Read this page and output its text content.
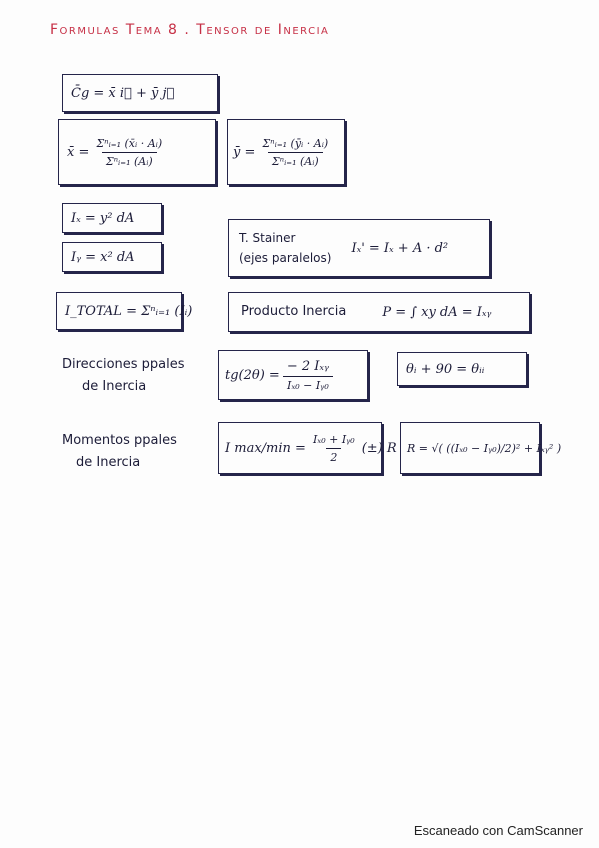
Formulas Tema 8 . Tensor de Inercia
C̄g = x̄ i⃗ + ȳ j⃗
x̄ = $\frac{\text{Σⁿᵢ₌₁ (x̄ᵢ · Aᵢ)}}{\text{Σⁿᵢ₌₁ (Aᵢ)}}$	ȳ = $\frac{\text{Σⁿᵢ₌₁ (ȳᵢ · Aᵢ)}}{\text{Σⁿᵢ₌₁ (Aᵢ)}}$
Iₓ = y² dA
Iᵧ = x² dA
T. Stainer
(ejes paralelos)
Iₓ' = Iₓ + A · d²
I_TOTAL = Σⁿᵢ₌₁ (Iᵢ)	Producto Inercia	P = ∫ xy dA = Iₓᵧ
Direcciones ppales
de Inercia
$tg(2\theta) = \frac{\text{− 2 Iₓᵧ}}{\text{Iₓ₀ − Iᵧ₀}}$	θᵢ + 90 = θᵢᵢ
Momentos ppales
de Inercia
I $\max/\min = \frac{\text{Iₓ₀ + Iᵧ₀}}{2}$ (±) R R = √( ((Iₓ₀ − Iᵧ₀)/2)² + Iₓᵧ² )
Escaneado con CamScanner
